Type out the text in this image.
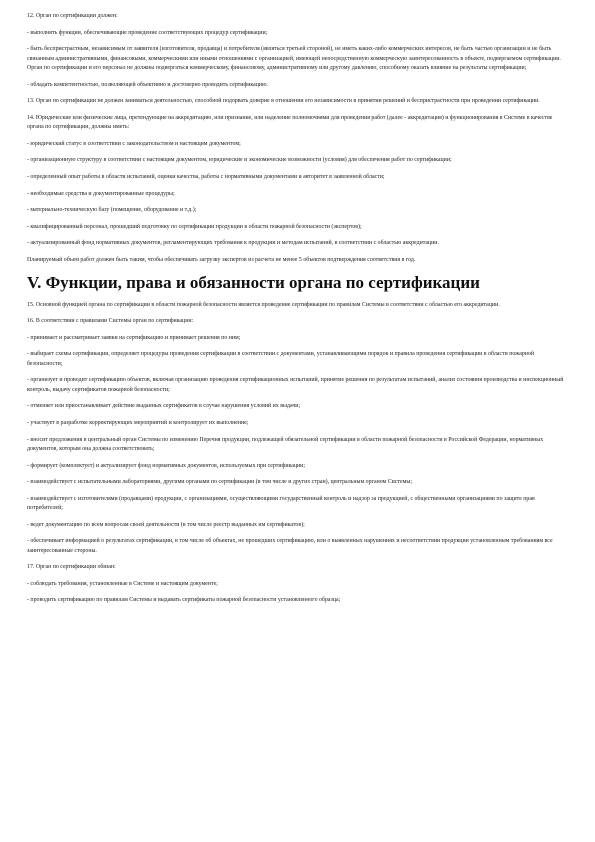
12. Орган по сертификации должен:

- выполнять функции, обеспечивающие проведение соответствующих процедур сертификации;

- быть беспристрастным, независимым от заявителя (изготовителя, продавца) и потребителя (являться третьей стороной), не иметь каких-либо коммерческих интересов, не быть частью организации и не быть связанным административными, финансовыми, коммерческими или иными отношениями с организацией, имеющей непосредственную коммерческую заинтересованность в объекте, подвергаемом сертификации. Орган по сертификации и его персонал не должны подвергаться коммерческому, финансовому, административному или другому давлению, способному оказать влияние на результаты сертификации;

- обладать компетентностью, позволяющей объективно и достоверно проводить сертификацию.

13. Орган по сертификации не должен заниматься деятельностью, способной подорвать доверие в отношении его независимости в принятии решений и беспристрастности при проведении сертификации.

14. Юридические или физические лица, претендующие на аккредитацию, или признание, или наделение полномочиями для проведения работ (далее - аккредитация) и функционирования в Системе в качестве органа по сертификации, должны иметь:

- юридический статус в соответствии с законодательством и настоящим документом;

- организационную структуру в соответствии с настоящим документом, юридические и экономические возможности (условия) для обеспечения работ по сертификации;

- определенный опыт работы в области испытаний, оценки качества, работы с нормативными документами и авторитет в заявленной области;

- необходимые средства и документированные процедуры;

- материально-техническую базу (помещение, оборудование и т.д.);

- квалифицированный персонал, прошедший подготовку по сертификации продукции в области пожарной безопасности (экспертов);

- актуализированный фонд нормативных документов, регламентирующих требования к продукции и методам испытаний, в соответствии с областью аккредитации.

Планируемый объем работ должен быть таким, чтобы обеспечивать загрузку экспертов из расчета не менее 5 объектов подтверждения соответствия в год.

V. Функции, права и обязанности органа по сертификации

15. Основной функцией органа по сертификации в области пожарной безопасности является проведение сертификации по правилам Системы в соответствии с областью его аккредитации.

16. В соответствии с правилами Системы орган по сертификации:

- принимает и рассматривает заявки на сертификацию и принимает решения по ним;

- выбирает схемы сертификации, определяет процедуры проведения сертификации в соответствии с документами, устанавливающими порядок и правила проведения сертификации в области пожарной безопасности;

- организует и проводит сертификацию объектов, включая организацию проведения сертификационных испытаний, принятие решения по результатам испытаний, анализ состояния производства и инспекционный контроль, выдачу сертификатов пожарной безопасности;

- отменяет или приостанавливает действие выданных сертификатов в случае нарушения условий их выдачи;

- участвует в разработке корректирующих мероприятий и контролирует их выполнение;

- вносит предложения в центральный орган Системы по изменению Перечня продукции, подлежащей обязательной сертификации в области пожарной безопасности в Российской Федерации, нормативных документов, которым она должна соответствовать;

- формирует (комплектует) и актуализирует фонд нормативных документов, используемых при сертификации;

- взаимодействует с испытательными лабораториями, другими органами по сертификации (в том числе и других стран), центральным органом Системы;

- взаимодействует с изготовителями (продавцами) продукции, с организациями, осуществляющими государственный контроль и надзор за продукцией, с общественными организациями по защите прав потребителей;

- ведет документацию по всем вопросам своей деятельности (в том числе реестр выданных им сертификатов);

- обеспечивает информацией о результатах сертификации, в том числе об объектах, не прошедших сертификацию, или о выявленных нарушениях и несоответствии продукции установленным требованиям все заинтересованные стороны.

17. Орган по сертификации обязан:

- соблюдать требования, установленные в Системе и настоящим документе;

- проводить сертификацию по правилам Системы и выдавать сертификаты пожарной безопасности установленного образца;
